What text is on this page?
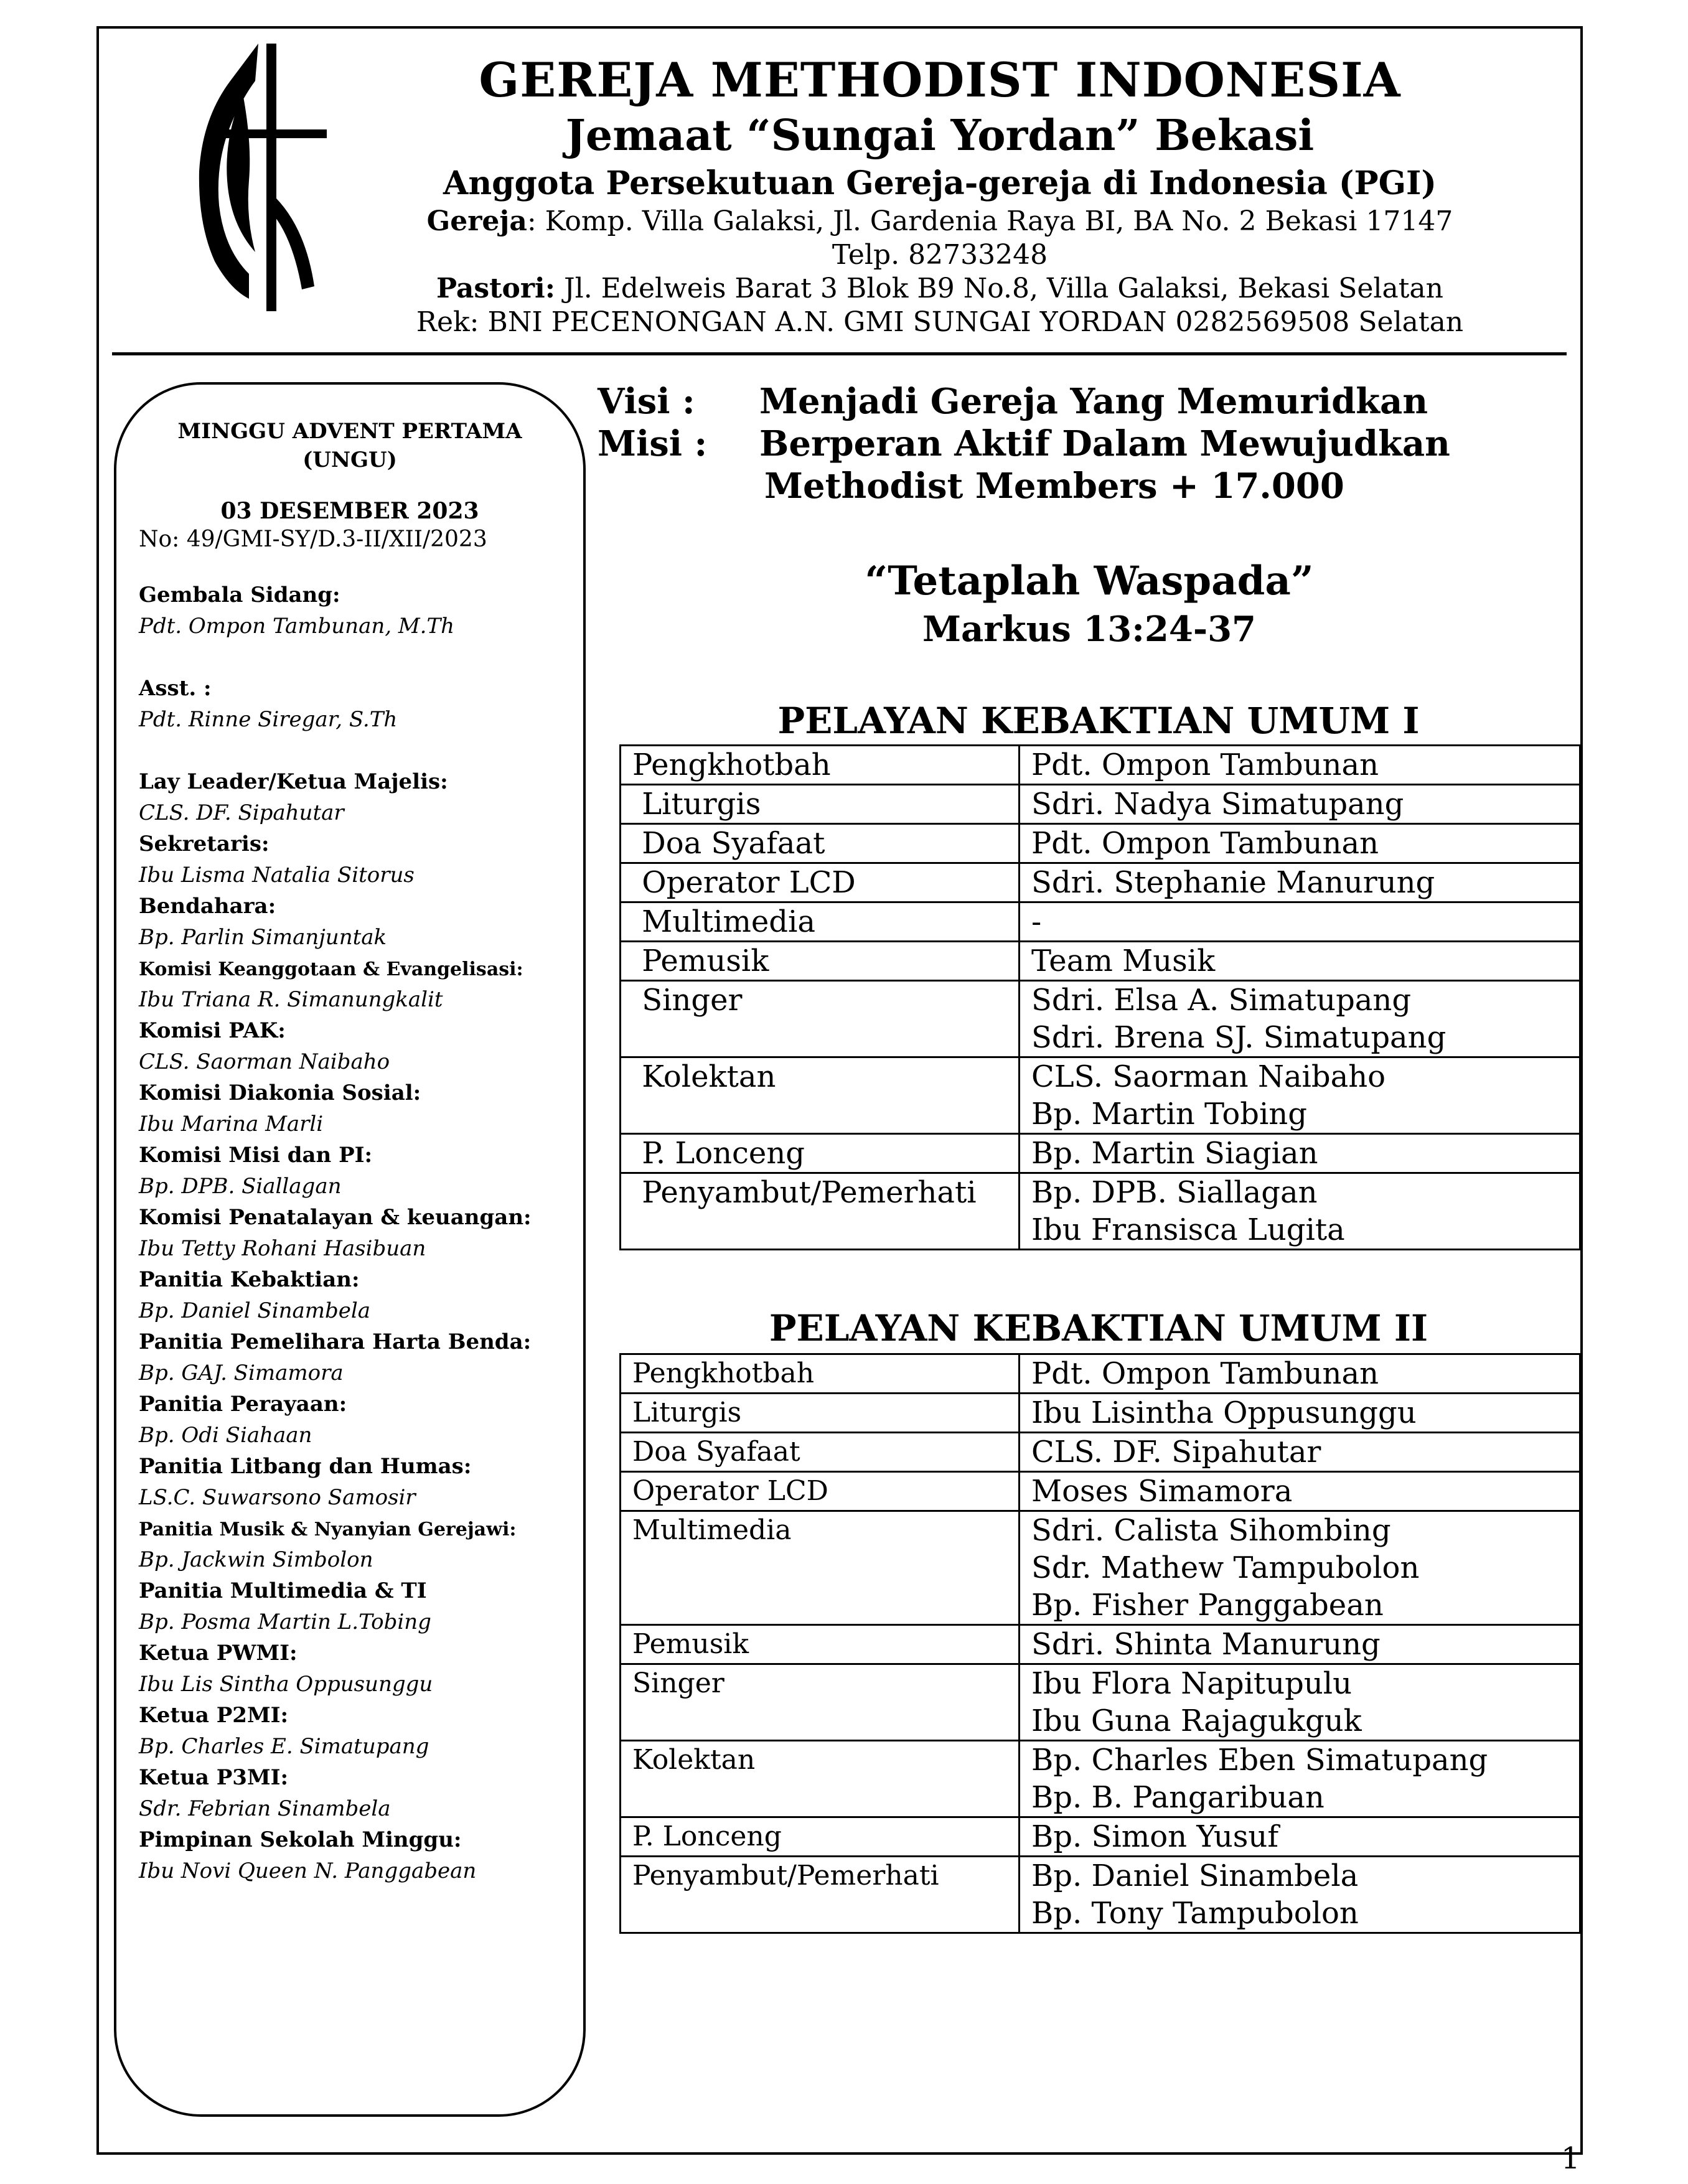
GEREJA METHODIST INDONESIA
Jemaat “Sungai Yordan” Bekasi
Anggota Persekutuan Gereja-gereja di Indonesia (PGI)
Gereja: Komp. Villa Galaksi, Jl. Gardenia Raya BI, BA No. 2 Bekasi 17147
Telp. 82733248
Pastori: Jl. Edelweis Barat 3 Blok B9 No.8, Villa Galaksi, Bekasi Selatan
Rek: BNI PECENONGAN A.N. GMI SUNGAI YORDAN 0282569508 Selatan
MINGGU ADVENT PERTAMA
(UNGU)
03 DESEMBER 2023
No: 49/GMI-SY/D.3-II/XII/2023
Gembala Sidang:
Pdt. Ompon Tambunan, M.Th
Asst. :
Pdt. Rinne Siregar, S.Th
Lay Leader/Ketua Majelis:
CLS. DF. Sipahutar
Sekretaris:
Ibu Lisma Natalia Sitorus
Bendahara:
Bp. Parlin Simanjuntak
Komisi Keanggotaan & Evangelisasi:
Ibu Triana R. Simanungkalit
Komisi PAK:
CLS. Saorman Naibaho
Komisi Diakonia Sosial:
Ibu Marina Marli
Komisi Misi dan PI:
Bp. DPB. Siallagan
Komisi Penatalayan & keuangan:
Ibu Tetty Rohani Hasibuan
Panitia Kebaktian:
Bp. Daniel Sinambela
Panitia Pemelihara Harta Benda:
Bp. GAJ. Simamora
Panitia Perayaan:
Bp. Odi Siahaan
Panitia Litbang dan Humas:
LS.C. Suwarsono Samosir
Panitia Musik & Nyanyian Gerejawi:
Bp. Jackwin Simbolon
Panitia Multimedia & TI
Bp. Posma Martin L.Tobing
Ketua PWMI:
Ibu Lis Sintha Oppusunggu
Ketua P2MI:
Bp. Charles E. Simatupang
Ketua P3MI:
Sdr. Febrian Sinambela
Pimpinan Sekolah Minggu:
Ibu Novi Queen N. Panggabean
Visi : Menjadi Gereja Yang Memuridkan
Misi : Berperan Aktif Dalam Mewujudkan
Methodist Members + 17.000
“Tetaplah Waspada”
Markus 13:24-37
PELAYAN KEBAKTIAN UMUM I
Pengkhotbah	Pdt. Ompon Tambunan

Liturgis	Sdri. Nadya Simatupang

Doa Syafaat	Pdt. Ompon Tambunan

Operator LCD	Sdri. Stephanie Manurung

Multimedia	-

Pemusik	Team Musik

Singer	Sdri. Elsa A. Simatupang
Sdri. Brena SJ. Simatupang

Kolektan	CLS. Saorman Naibaho
Bp. Martin Tobing

P. Lonceng	Bp. Martin Siagian

Penyambut/Pemerhati	Bp. DPB. Siallagan
Ibu Fransisca Lugita
PELAYAN KEBAKTIAN UMUM II
Pengkhotbah	Pdt. Ompon Tambunan

Liturgis	Ibu Lisintha Oppusunggu

Doa Syafaat	CLS. DF. Sipahutar

Operator LCD	Moses Simamora

Multimedia	Sdri. Calista Sihombing
Sdr. Mathew Tampubolon
Bp. Fisher Panggabean

Pemusik	Sdri. Shinta Manurung

Singer	Ibu Flora Napitupulu
Ibu Guna Rajagukguk

Kolektan	Bp. Charles Eben Simatupang
Bp. B. Pangaribuan

P. Lonceng	Bp. Simon Yusuf

Penyambut/Pemerhati	Bp. Daniel Sinambela
Bp. Tony Tampubolon
1
